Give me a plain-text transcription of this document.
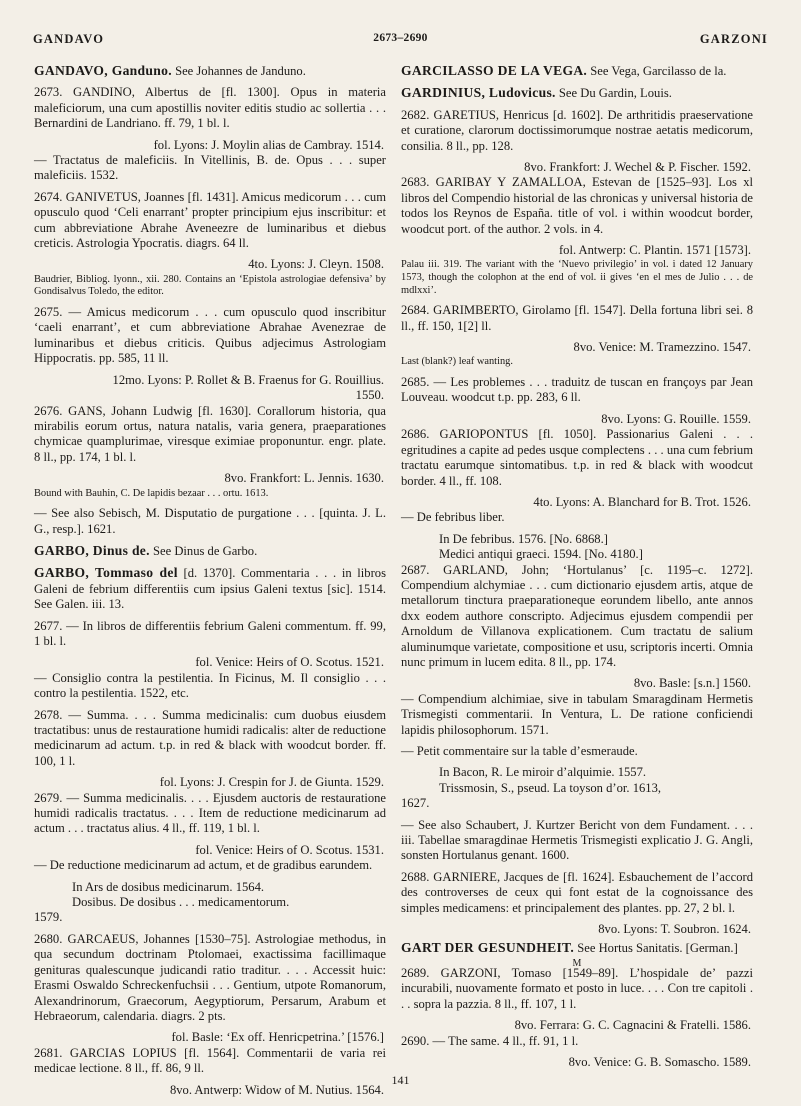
GANDAVO	2673–2690	GARZONI

GANDAVO, Ganduno. See Johannes de Janduno.

2673. GANDINO, Albertus de [fl. 1300]. Opus in materia maleficiorum, una cum apostillis noviter editis studio ac sollertia . . . Bernardini de Landriano. ff. 79, 1 bl. l.

fol. Lyons: J. Moylin alias de Cambray. 1514.

— Tractatus de maleficiis. In Vitellinis, B. de. Opus . . . super maleficiis. 1532.

2674. GANIVETUS, Joannes [fl. 1431]. Amicus medicorum . . . cum opusculo quod ‘Celi enarrant’ propter principium ejus inscribitur: et cum abbreviatione Abrahe Aveneezre de luminaribus et diebus creticis. Astrologia Ypocratis. diagrs. 64 ll.

4to. Lyons: J. Cleyn. 1508.

Baudrier, Bibliog. lyonn., xii. 280. Contains an ‘Epistola astrologiae defensiva’ by Gondisalvus Toledo, the editor.

2675. — Amicus medicorum . . . cum opusculo quod inscribitur ‘caeli enarrant’, et cum abbreviatione Abrahae Avenezrae de luminaribus et diebus criticis. Quibus adjecimus Astrologiam Hippocratis. pp. 585, 11 ll.

12mo. Lyons: P. Rollet & B. Fraenus for G. Rouillius.

1550.

2676. GANS, Johann Ludwig [fl. 1630]. Corallorum historia, qua mirabilis eorum ortus, natura natalis, varia genera, praeparationes chymicae quamplurimae, viresque eximiae proponuntur. engr. plate. 8 ll., pp. 174, 1 bl. l.

8vo. Frankfort: L. Jennis. 1630.

Bound with Bauhin, C. De lapidis bezaar . . . ortu. 1613.

— See also Sebisch, M. Disputatio de purgatione . . . [quinta. J. L. G., resp.]. 1621.

GARBO, Dinus de. See Dinus de Garbo.

GARBO, Tommaso del [d. 1370]. Commentaria . . . in libros Galeni de febrium differentiis cum ipsius Galeni textus [sic]. 1514. See Galen. iii. 13.

2677. — In libros de differentiis febrium Galeni commentum. ff. 99, 1 bl. l.

fol. Venice: Heirs of O. Scotus. 1521.

— Consiglio contra la pestilentia. In Ficinus, M. Il consiglio . . . contro la pestilentia. 1522, etc.

2678. — Summa. . . . Summa medicinalis: cum duobus eiusdem tractatibus: unus de restauratione humidi radicalis: alter de reductione medicinarum ad actum. t.p. in red & black with woodcut border. ff. 100, 1 l.

fol. Lyons: J. Crespin for J. de Giunta. 1529.

2679. — Summa medicinalis. . . . Ejusdem auctoris de restauratione humidi radicalis tractatus. . . . Item de reductione medicinarum ad actum . . . tractatus alius. 4 ll., ff. 119, 1 bl. l.

fol. Venice: Heirs of O. Scotus. 1531.

— De reductione medicinarum ad actum, et de gradibus earundem.

In Ars de dosibus medicinarum. 1564.

Dosibus. De dosibus . . . medicamentorum.

1579.

2680. GARCAEUS, Johannes [1530–75]. Astrologiae methodus, in qua secundum doctrinam Ptolomaei, exactissima facillimaque genituras qualescunque judicandi ratio traditur. . . . Accessit huic: Erasmi Oswaldo Schreckenfuchsii . . . Gentium, utpote Romanorum, Alexandrinorum, Graecorum, Aegyptiorum, Persarum, Arabum et Hebraeorum, calendaria. diagrs. 2 pts.

fol. Basle: ‘Ex off. Henricpetrina.’ [1576.]

2681. GARCIAS LOPIUS [fl. 1564]. Commentarii de varia rei medicae lectione. 8 ll., ff. 86, 9 ll.

8vo. Antwerp: Widow of M. Nutius. 1564.

GARCILASSO DE LA VEGA. See Vega, Garcilasso de la.

GARDINIUS, Ludovicus. See Du Gardin, Louis.

2682. GARETIUS, Henricus [d. 1602]. De arthritidis praeservatione et curatione, clarorum doctissimorumque nostrae aetatis medicorum, consilia. 8 ll., pp. 128.

8vo. Frankfort: J. Wechel & P. Fischer. 1592.

2683. GARIBAY Y ZAMALLOA, Estevan de [1525–93]. Los xl libros del Compendio historial de las chronicas y universal historia de todos los Reynos de España. title of vol. i within woodcut border, woodcut port. of the author. 2 vols. in 4.

fol. Antwerp: C. Plantin. 1571 [1573].

Palau iii. 319. The variant with the ‘Nuevo privilegio’ in vol. i dated 12 January 1573, though the colophon at the end of vol. ii gives ‘en el mes de Julio . . . de mdlxxi’.

2684. GARIMBERTO, Girolamo [fl. 1547]. Della fortuna libri sei. 8 ll., ff. 150, 1[2] ll.

8vo. Venice: M. Tramezzino. 1547.

Last (blank?) leaf wanting.

2685. — Les problemes . . . traduitz de tuscan en françoys par Jean Louveau. woodcut t.p. pp. 283, 6 ll.

8vo. Lyons: G. Rouille. 1559.

2686. GARIOPONTUS [fl. 1050]. Passionarius Galeni . . . egritudines a capite ad pedes usque complectens . . . una cum febrium tractatu earumque sintomatibus. t.p. in red & black with woodcut border. 4 ll., ff. 108.

4to. Lyons: A. Blanchard for B. Trot. 1526.

— De febribus liber.

In De febribus. 1576. [No. 6868.]

Medici antiqui graeci. 1594. [No. 4180.]

2687. GARLAND, John; ‘Hortulanus’ [c. 1195–c. 1272]. Compendium alchymiae . . . cum dictionario ejusdem artis, atque de metallorum tinctura praeparationeque eorundem libello, ante annos dxx eodem authore conscripto. Adjecimus ejusdem compendii per Arnoldum de Villanova explicationem. Cum tractatu de salium aluminumque varietate, compositione et usu, scriptoris incerti. Omnia nunc primum in lucem edita. 8 ll., pp. 174.

8vo. Basle: [s.n.] 1560.

— Compendium alchimiae, sive in tabulam Smaragdinam Hermetis Trismegisti commentarii. In Ventura, L. De ratione conficiendi lapidis philosophorum. 1571.

— Petit commentaire sur la table d’esmeraude.

In Bacon, R. Le miroir d’alquimie. 1557.

Trissmosin, S., pseud. La toyson d’or. 1613,

1627.

— See also Schaubert, J. Kurtzer Bericht von dem Fundament. . . . iii. Tabellae smaragdinae Hermetis Trismegisti explicatio J. G. Angli, sonsten Hortulanus genant. 1600.

2688. GARNIERE, Jacques de [fl. 1624]. Esbauchement de l’accord des controverses de ceux qui font estat de la cognoissance des simples medicamens: et principalement des plantes. pp. 27, 2 bl. l.

8vo. Lyons: T. Soubron. 1624.

GART DER GESUNDHEIT. See Hortus Sanitatis. [German.]

M

2689. GARZONI, Tomaso [1549–89]. L’hospidale de’ pazzi incurabili, nuovamente formato et posto in luce. . . . Con tre capitoli . . . sopra la pazzia. 8 ll., ff. 107, 1 l.

8vo. Ferrara: G. C. Cagnacini & Fratelli. 1586.

2690. — The same. 4 ll., ff. 91, 1 l.

8vo. Venice: G. B. Somascho. 1589.

141
